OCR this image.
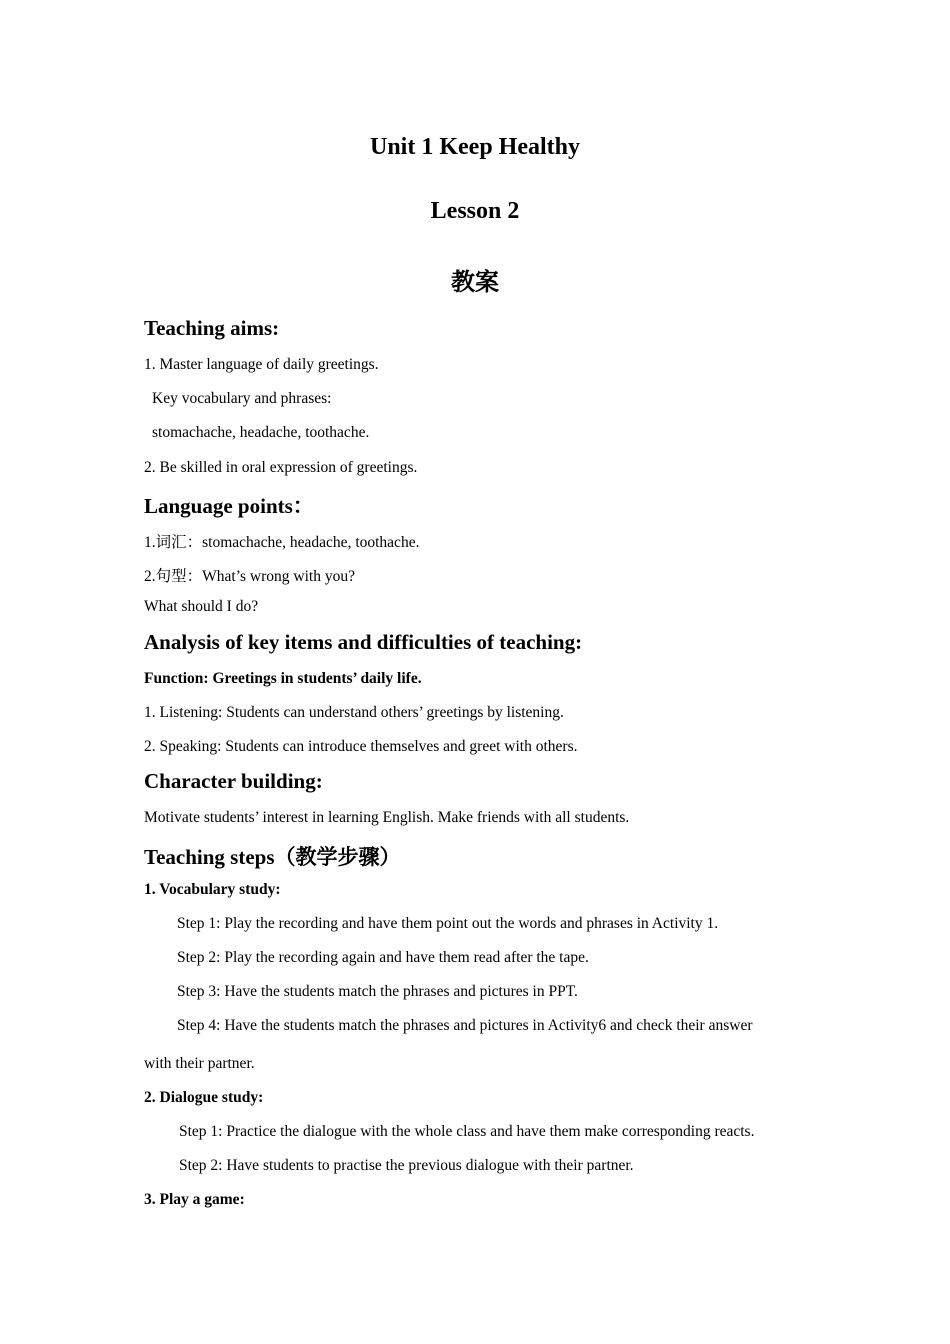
Unit 1 Keep Healthy
Lesson 2
教案
Teaching aims:
1. Master language of daily greetings.
Key vocabulary and phrases:
stomachache, headache, toothache.
2. Be skilled in oral expression of greetings.
Language points：
1.词汇：stomachache, headache, toothache.
2.句型：What’s wrong with you?
What should I do?
Analysis of key items and difficulties of teaching:
Function: Greetings in students’ daily life.
1. Listening: Students can understand others’ greetings by listening.
2. Speaking: Students can introduce themselves and greet with others.
Character building:
Motivate students’ interest in learning English. Make friends with all students.
Teaching steps（教学步骤）
1. Vocabulary study:
Step 1: Play the recording and have them point out the words and phrases in Activity 1.
Step 2: Play the recording again and have them read after the tape.
Step 3: Have the students match the phrases and pictures in PPT.
Step 4: Have the students match the phrases and pictures in Activity6 and check their answer
with their partner.
2. Dialogue study:
Step 1: Practice the dialogue with the whole class and have them make corresponding reacts.
Step 2: Have students to practise the previous dialogue with their partner.
3. Play a game:
